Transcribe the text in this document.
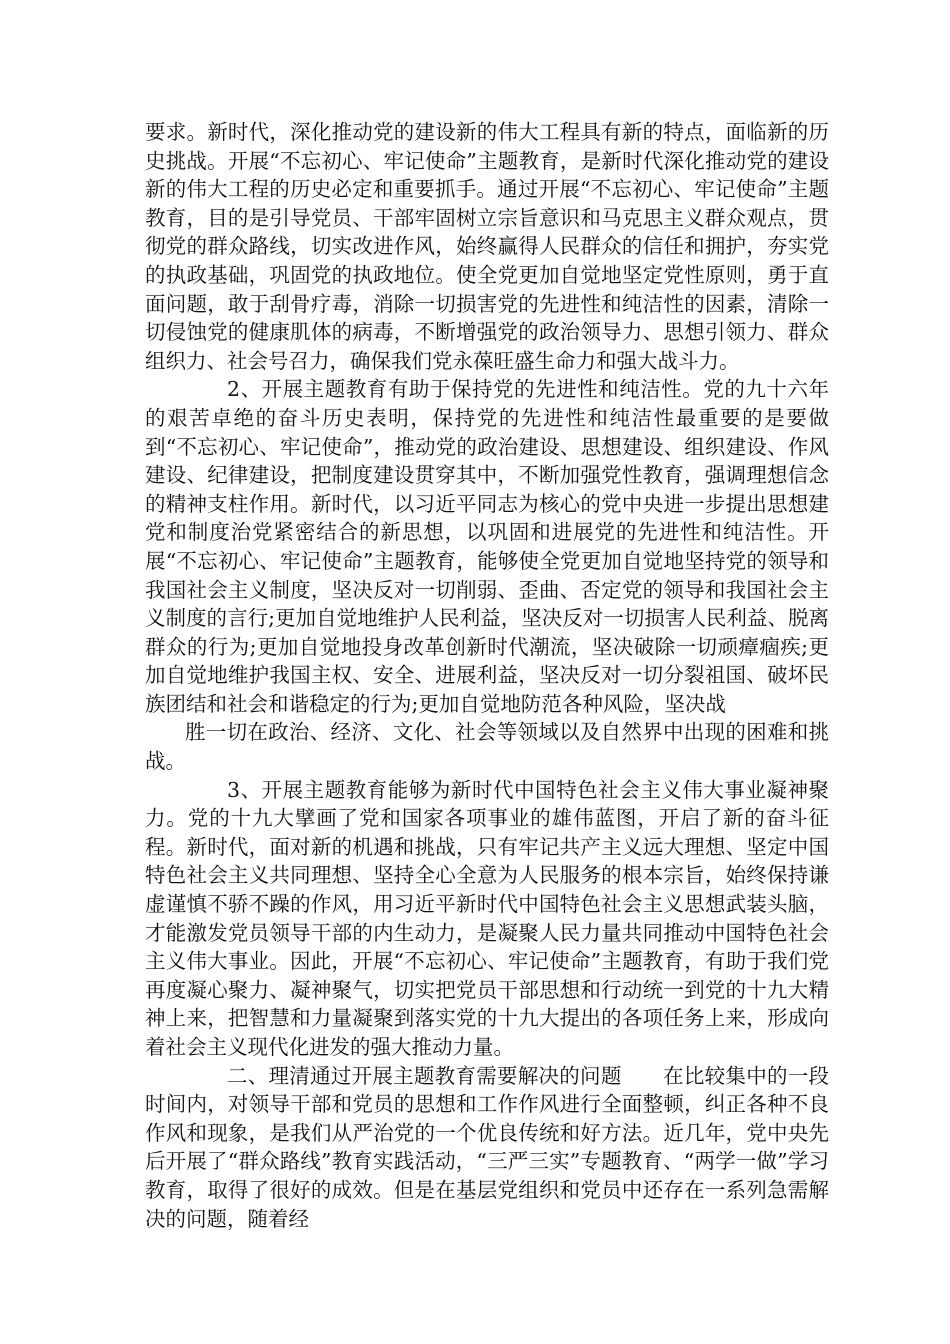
要求。新时代，深化推动党的建设新的伟大工程具有新的特点，面临新的历史挑战。开展“不忘初心、牢记使命”主题教育，是新时代深化推动党的建设新的伟大工程的历史必定和重要抓手。通过开展“不忘初心、牢记使命”主题教育，目的是引导党员、干部牢固树立宗旨意识和马克思主义群众观点，贯彻党的群众路线，切实改进作风，始终赢得人民群众的信任和拥护，夯实党的执政基础，巩固党的执政地位。使全党更加自觉地坚定党性原则，勇于直面问题，敢于刮骨疗毒，消除一切损害党的先进性和纯洁性的因素，清除一切侵蚀党的健康肌体的病毒，不断增强党的政治领导力、思想引领力、群众组织力、社会号召力，确保我们党永葆旺盛生命力和强大战斗力。

2、开展主题教育有助于保持党的先进性和纯洁性。党的九十六年的艰苦卓绝的奋斗历史表明，保持党的先进性和纯洁性最重要的是要做到“不忘初心、牢记使命”，推动党的政治建设、思想建设、组织建设、作风建设、纪律建设，把制度建设贯穿其中，不断加强党性教育，强调理想信念的精神支柱作用。新时代，以习近平同志为核心的党中央进一步提出思想建党和制度治党紧密结合的新思想，以巩固和进展党的先进性和纯洁性。开展“不忘初心、牢记使命”主题教育，能够使全党更加自觉地坚持党的领导和我国社会主义制度，坚决反对一切削弱、歪曲、否定党的领导和我国社会主义制度的言行;更加自觉地维护人民利益，坚决反对一切损害人民利益、脱离群众的行为;更加自觉地投身改革创新时代潮流，坚决破除一切顽瘴痼疾;更加自觉地维护我国主权、安全、进展利益，坚决反对一切分裂祖国、破坏民族团结和社会和谐稳定的行为;更加自觉地防范各种风险，坚决战

胜一切在政治、经济、文化、社会等领域以及自然界中出现的困难和挑战。

3、开展主题教育能够为新时代中国特色社会主义伟大事业凝神聚力。党的十九大擘画了党和国家各项事业的雄伟蓝图，开启了新的奋斗征程。新时代，面对新的机遇和挑战，只有牢记共产主义远大理想、坚定中国特色社会主义共同理想、坚持全心全意为人民服务的根本宗旨，始终保持谦虚谨慎不骄不躁的作风，用习近平新时代中国特色社会主义思想武装头脑，才能激发党员领导干部的内生动力，是凝聚人民力量共同推动中国特色社会主义伟大事业。因此，开展“不忘初心、牢记使命”主题教育，有助于我们党再度凝心聚力、凝神聚气，切实把党员干部思想和行动统一到党的十九大精神上来，把智慧和力量凝聚到落实党的十九大提出的各项任务上来，形成向着社会主义现代化进发的强大推动力量。

二、理清通过开展主题教育需要解决的问题　　在比较集中的一段时间内，对领导干部和党员的思想和工作作风进行全面整顿，纠正各种不良作风和现象，是我们从严治党的一个优良传统和好方法。近几年，党中央先后开展了“群众路线”教育实践活动，“三严三实”专题教育、“两学一做”学习教育，取得了很好的成效。但是在基层党组织和党员中还存在一系列急需解决的问题，随着经
